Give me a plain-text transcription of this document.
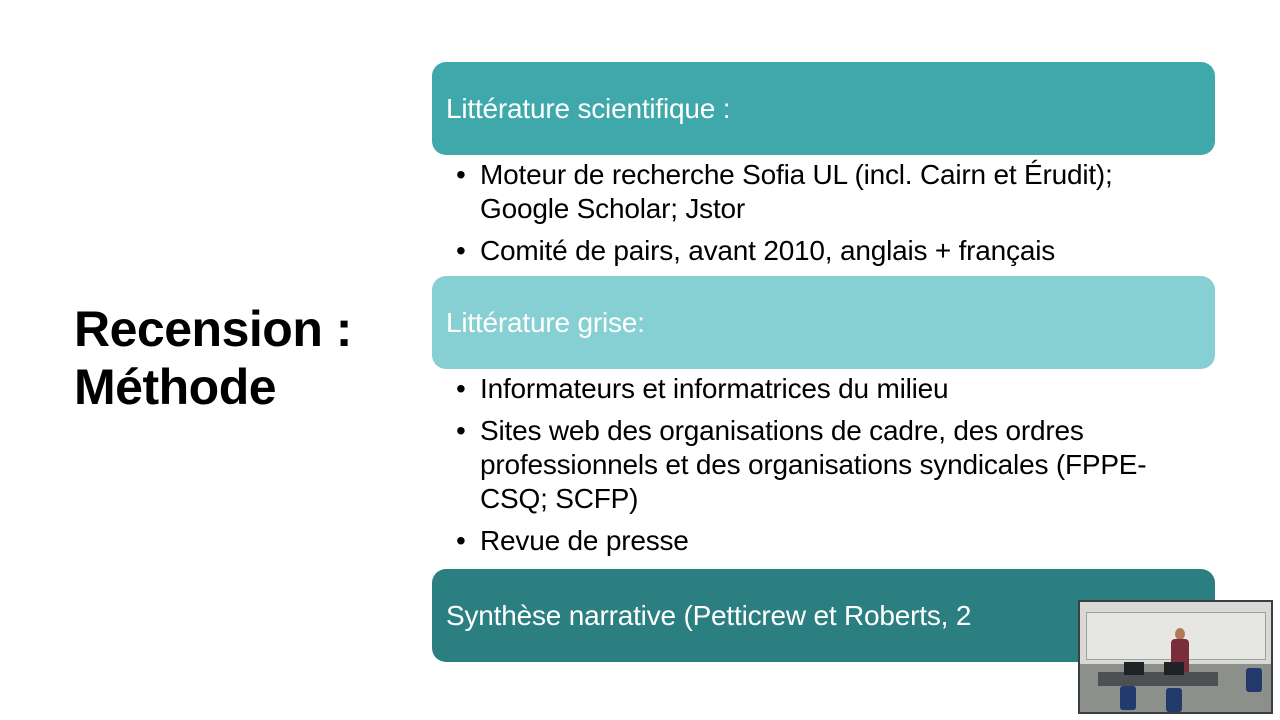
Recension :
Méthode
Littérature scientifique :
• Moteur de recherche Sofia UL (incl. Cairn et Érudit); Google Scholar; Jstor
• Comité de pairs, avant 2010, anglais + français
Littérature grise:
• Informateurs et informatrices du milieu
• Sites web des organisations de cadre, des ordres professionnels et des organisations syndicales (FPPE-CSQ; SCFP)
• Revue de presse
Synthèse narrative (Petticrew et Roberts, 2
